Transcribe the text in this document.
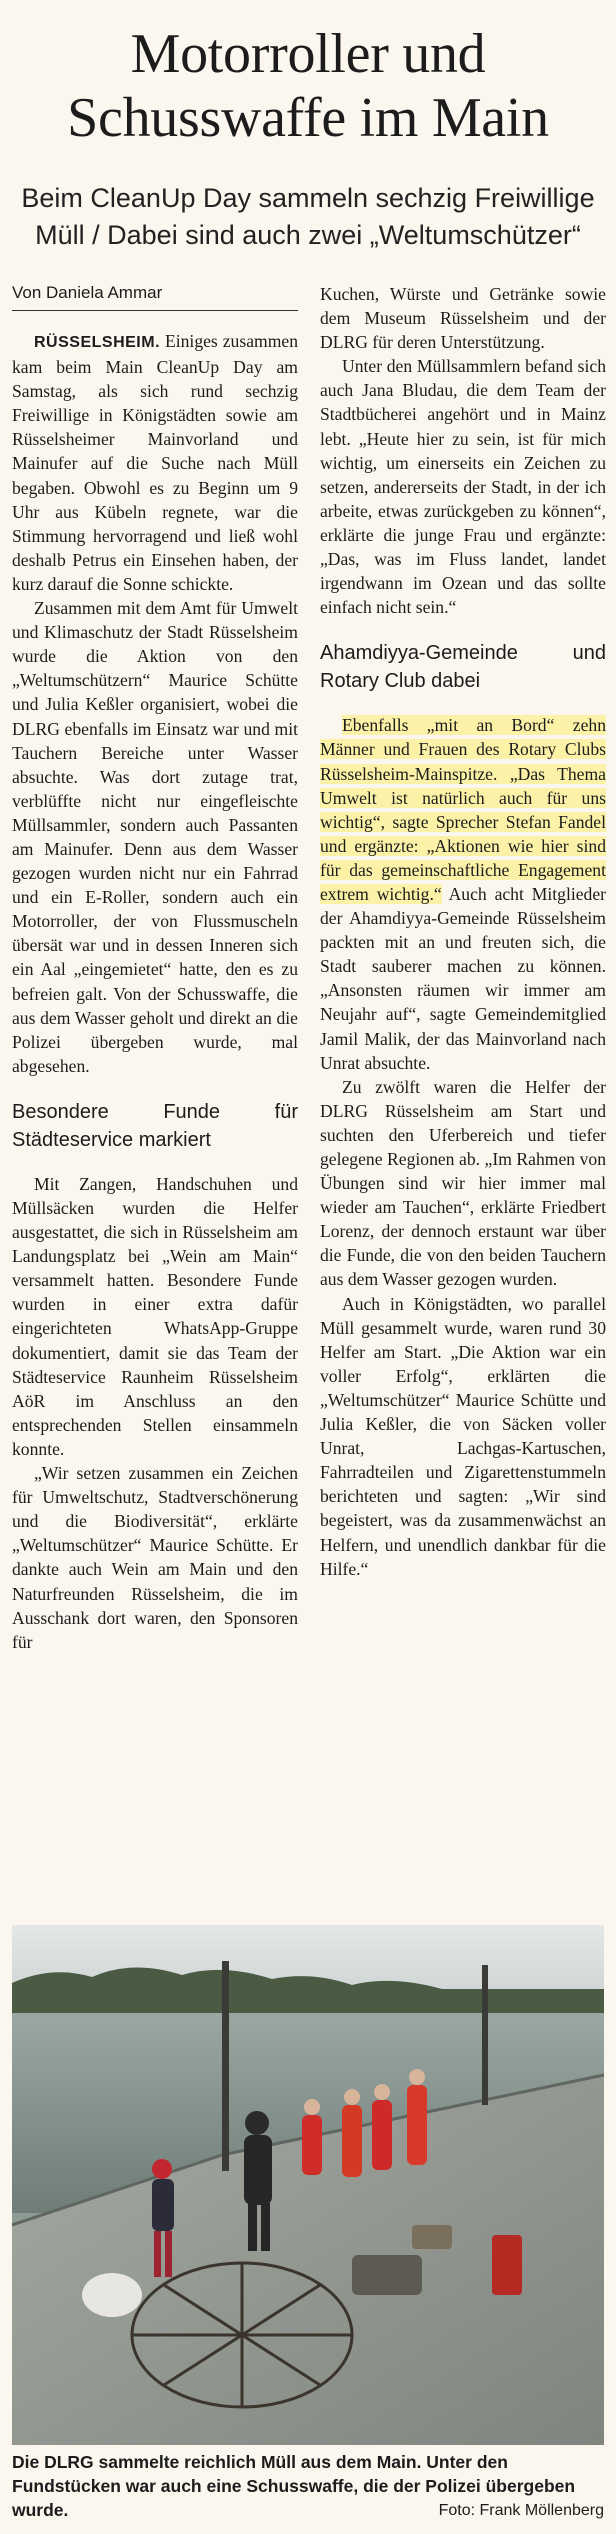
Motorroller und Schusswaffe im Main

Beim CleanUp Day sammeln sechzig Freiwillige Müll / Dabei sind auch zwei „Weltumschützer“

Von Daniela Ammar

RÜSSELSHEIM. Einiges zusammen kam beim Main CleanUp Day am Samstag, als sich rund sechzig Freiwillige in Königstädten sowie am Rüsselsheimer Mainvorland und Mainufer auf die Suche nach Müll begaben. Obwohl es zu Beginn um 9 Uhr aus Kübeln regnete, war die Stimmung hervorragend und ließ wohl deshalb Petrus ein Einsehen haben, der kurz darauf die Sonne schickte.

Zusammen mit dem Amt für Umwelt und Klimaschutz der Stadt Rüsselsheim wurde die Aktion von den „Weltumschützern“ Maurice Schütte und Julia Keßler organisiert, wobei die DLRG ebenfalls im Einsatz war und mit Tauchern Bereiche unter Wasser absuchte. Was dort zutage trat, verblüffte nicht nur eingefleischte Müllsammler, sondern auch Passanten am Mainufer. Denn aus dem Wasser gezogen wurden nicht nur ein Fahrrad und ein E-Roller, sondern auch ein Motorroller, der von Flussmuscheln übersät war und in dessen Inneren sich ein Aal „eingemietet“ hatte, den es zu befreien galt. Von der Schusswaffe, die aus dem Wasser geholt und direkt an die Polizei übergeben wurde, mal abgesehen.

Besondere Funde für Städteservice markiert

Mit Zangen, Handschuhen und Müllsäcken wurden die Helfer ausgestattet, die sich in Rüsselsheim am Landungsplatz bei „Wein am Main“ versammelt hatten. Besondere Funde wurden in einer extra dafür eingerichteten WhatsApp-Gruppe dokumentiert, damit sie das Team der Städteservice Raunheim Rüsselsheim AöR im Anschluss an den entsprechenden Stellen einsammeln konnte.

„Wir setzen zusammen ein Zeichen für Umweltschutz, Stadtverschönerung und die Biodiversität“, erklärte „Weltumschützer“ Maurice Schütte. Er dankte auch Wein am Main und den Naturfreunden Rüsselsheim, die im Ausschank dort waren, den Sponsoren für

Kuchen, Würste und Getränke sowie dem Museum Rüsselsheim und der DLRG für deren Unterstützung.

Unter den Müllsammlern befand sich auch Jana Bludau, die dem Team der Stadtbücherei angehört und in Mainz lebt. „Heute hier zu sein, ist für mich wichtig, um einerseits ein Zeichen zu setzen, andererseits der Stadt, in der ich arbeite, etwas zurückgeben zu können“, erklärte die junge Frau und ergänzte: „Das, was im Fluss landet, landet irgendwann im Ozean und das sollte einfach nicht sein.“

Ahamdiyya-Gemeinde und Rotary Club dabei

Ebenfalls „mit an Bord“ zehn Männer und Frauen des Rotary Clubs Rüsselsheim-Mainspitze. „Das Thema Umwelt ist natürlich auch für uns wichtig“, sagte Sprecher Stefan Fandel und ergänzte: „Aktionen wie hier sind für das gemeinschaftliche Engagement extrem wichtig.“ Auch acht Mitglieder der Ahamdiyya-Gemeinde Rüsselsheim packten mit an und freuten sich, die Stadt sauberer machen zu können. „Ansonsten räumen wir immer am Neujahr auf“, sagte Gemeindemitglied Jamil Malik, der das Mainvorland nach Unrat absuchte.

Zu zwölft waren die Helfer der DLRG Rüsselsheim am Start und suchten den Uferbereich und tiefer gelegene Regionen ab. „Im Rahmen von Übungen sind wir hier immer mal wieder am Tauchen“, erklärte Friedbert Lorenz, der dennoch erstaunt war über die Funde, die von den beiden Tauchern aus dem Wasser gezogen wurden.

Auch in Königstädten, wo parallel Müll gesammelt wurde, waren rund 30 Helfer am Start. „Die Aktion war ein voller Erfolg“, erklärten die „Weltumschützer“ Maurice Schütte und Julia Keßler, die von Säcken voller Unrat, Lachgas-Kartuschen, Fahrradteilen und Zigarettenstummeln berichteten und sagten: „Wir sind begeistert, was da zusammenwächst an Helfern, und unendlich dankbar für die Hilfe.“

Die DLRG sammelte reichlich Müll aus dem Main. Unter den Fundstücken war auch eine Schusswaffe, die der Polizei übergeben wurde.	Foto: Frank Möllenberg
